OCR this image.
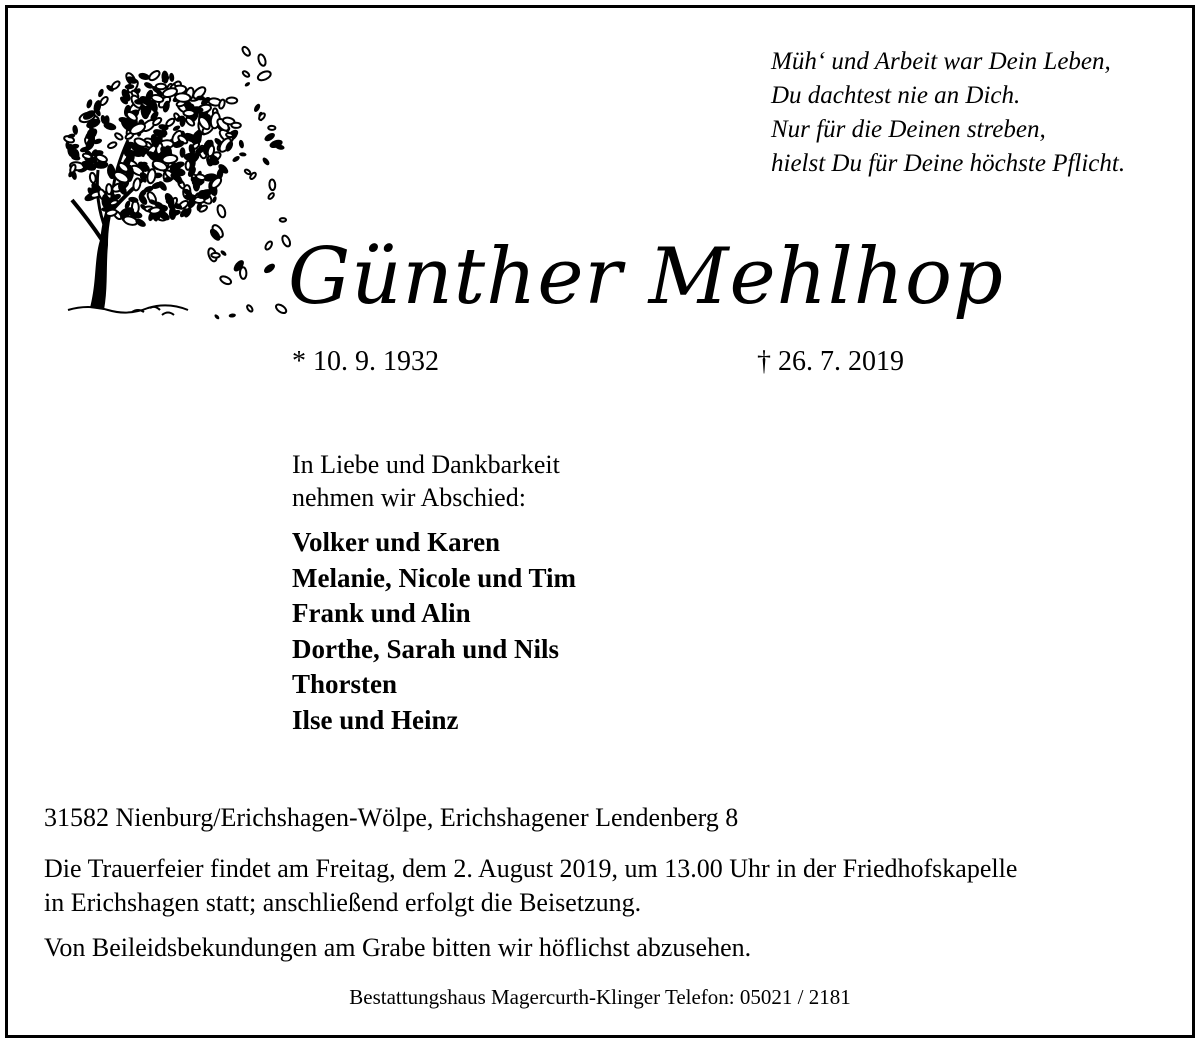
Müh‘ und Arbeit war Dein Leben,
Du dachtest nie an Dich.
Nur für die Deinen streben,
hielst Du für Deine höchste Pflicht.
Günther Mehlhop
* 10. 9. 1932	† 26. 7. 2019
In Liebe und Dankbarkeit
nehmen wir Abschied:
Volker und Karen
Melanie, Nicole und Tim
Frank und Alin
Dorthe, Sarah und Nils
Thorsten
Ilse und Heinz
31582 Nienburg/Erichshagen-Wölpe, Erichshagener Lendenberg 8
Die Trauerfeier findet am Freitag, dem 2. August 2019, um 13.00 Uhr in der Friedhofskapelle
in Erichshagen statt; anschließend erfolgt die Beisetzung.
Von Beileidsbekundungen am Grabe bitten wir höflichst abzusehen.
Bestattungshaus Magercurth-Klinger Telefon: 05021 / 2181
